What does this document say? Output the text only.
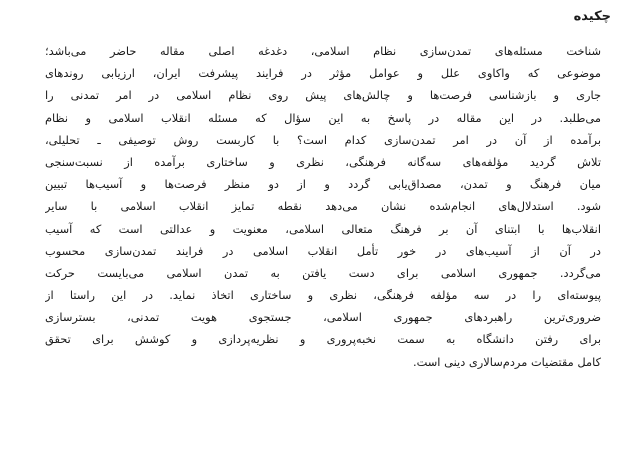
چکیده
شناخت مسئله‌های تمدن‌سازی نظام اسلامی، دغدغه اصلی مقاله حاضر می‌باشد؛
موضوعی که واکاوی علل و عوامل مؤثر در فرایند پیشرفت ایران، ارزیابی روندهای
جاری و بازشناسی فرصت‌ها و چالش‌های پیش روی نظام اسلامی در امر تمدنی را
می‌طلبد. در این مقاله در پاسخ به این سؤال که مسئله انقلاب اسلامی و نظام
برآمده از آن در امر تمدن‌سازی کدام است؟ با کاربست روش توصیفی ـ تحلیلی،
تلاش گردید مؤلفه‌های سه‌گانه فرهنگی، نظری و ساختاری برآمده از نسبت‌سنجی
میان فرهنگ و تمدن، مصداق‌یابی گردد و از دو منظر فرصت‌ها و آسیب‌ها تبیین
شود. استدلال‌های انجام‌شده نشان می‌دهد نقطه تمایز انقلاب اسلامی با سایر
انقلاب‌ها با ابتنای آن بر فرهنگ متعالی اسلامی، معنویت و عدالتی است که آسیب
در آن از آسیب‌های در خور تأمل انقلاب اسلامی در فرایند تمدن‌سازی محسوب
می‌گردد. جمهوری اسلامی برای دست یافتن به تمدن اسلامی می‌بایست حرکت
پیوسته‌ای را در سه مؤلفه فرهنگی، نظری و ساختاری اتخاذ نماید. در این راستا از
ضروری‌ترین راهبردهای جمهوری اسلامی، جستجوی هویت تمدنی، بسترسازی
برای رفتن دانشگاه به سمت نخبه‌پروری و نظریه‌پردازی و کوشش برای تحقق
کامل مقتضیات مردم‌سالاری دینی است.
